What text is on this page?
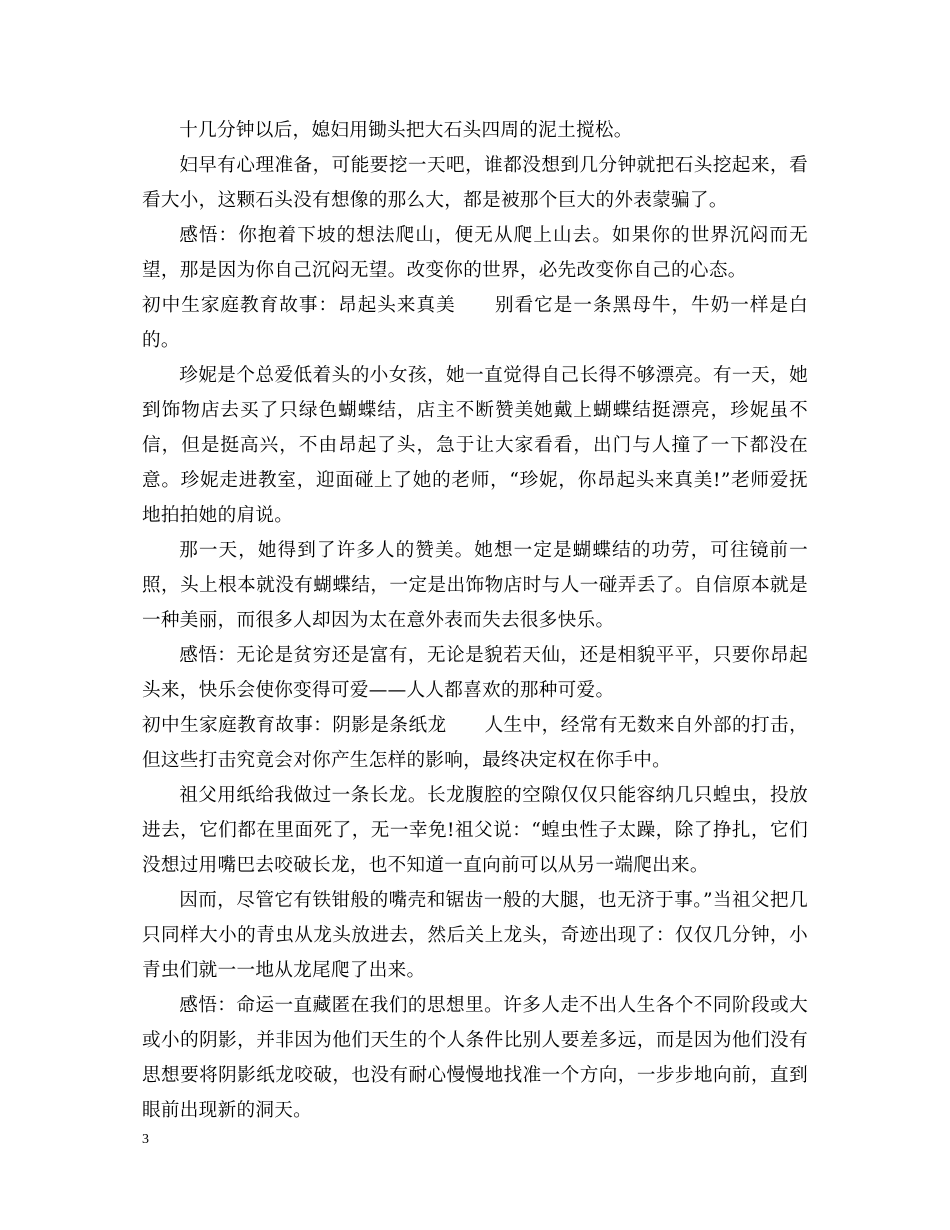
十几分钟以后，媳妇用锄头把大石头四周的泥土搅松。

妇早有心理准备，可能要挖一天吧，谁都没想到几分钟就把石头挖起来，看看大小，这颗石头没有想像的那么大，都是被那个巨大的外表蒙骗了。

感悟：你抱着下坡的想法爬山，便无从爬上山去。如果你的世界沉闷而无望，那是因为你自己沉闷无望。改变你的世界，必先改变你自己的心态。

初中生家庭教育故事：昂起头来真美　　别看它是一条黑母牛，牛奶一样是白的。

珍妮是个总爱低着头的小女孩，她一直觉得自己长得不够漂亮。有一天，她到饰物店去买了只绿色蝴蝶结，店主不断赞美她戴上蝴蝶结挺漂亮，珍妮虽不信，但是挺高兴，不由昂起了头，急于让大家看看，出门与人撞了一下都没在意。珍妮走进教室，迎面碰上了她的老师，“珍妮，你昂起头来真美!”老师爱抚地拍拍她的肩说。

那一天，她得到了许多人的赞美。她想一定是蝴蝶结的功劳，可往镜前一照，头上根本就没有蝴蝶结，一定是出饰物店时与人一碰弄丢了。自信原本就是一种美丽，而很多人却因为太在意外表而失去很多快乐。

感悟：无论是贫穷还是富有，无论是貌若天仙，还是相貌平平，只要你昂起头来，快乐会使你变得可爱——人人都喜欢的那种可爱。

初中生家庭教育故事：阴影是条纸龙　　人生中，经常有无数来自外部的打击，但这些打击究竟会对你产生怎样的影响，最终决定权在你手中。

祖父用纸给我做过一条长龙。长龙腹腔的空隙仅仅只能容纳几只蝗虫，投放进去，它们都在里面死了，无一幸免!祖父说：“蝗虫性子太躁，除了挣扎，它们没想过用嘴巴去咬破长龙，也不知道一直向前可以从另一端爬出来。

因而，尽管它有铁钳般的嘴壳和锯齿一般的大腿，也无济于事。”当祖父把几只同样大小的青虫从龙头放进去，然后关上龙头，奇迹出现了：仅仅几分钟，小青虫们就一一地从龙尾爬了出来。

感悟：命运一直藏匿在我们的思想里。许多人走不出人生各个不同阶段或大或小的阴影，并非因为他们天生的个人条件比别人要差多远，而是因为他们没有思想要将阴影纸龙咬破，也没有耐心慢慢地找准一个方向，一步步地向前，直到眼前出现新的洞天。

3
